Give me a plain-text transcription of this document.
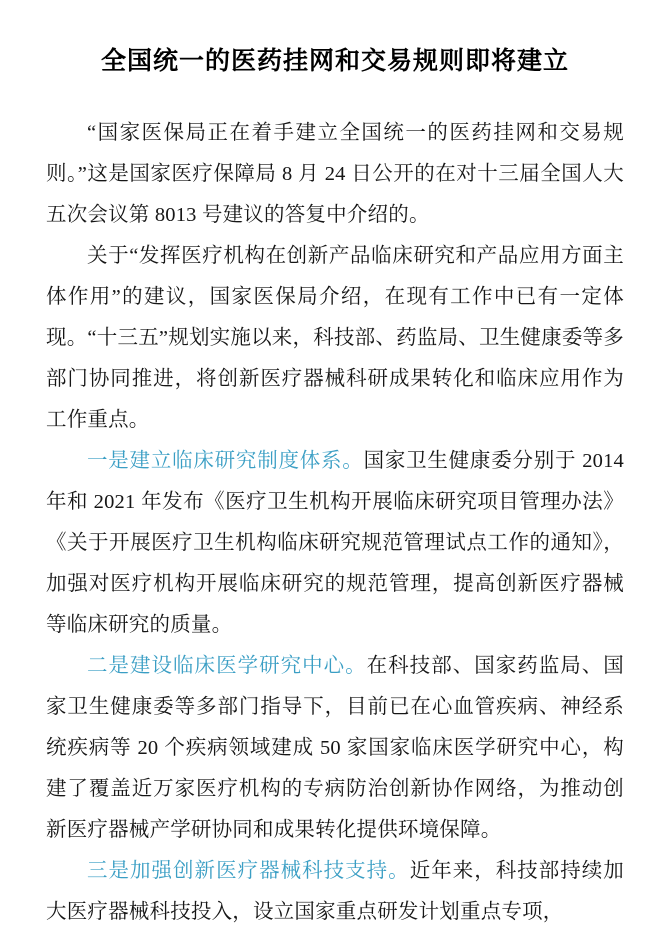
全国统一的医药挂网和交易规则即将建立

“国家医保局正在着手建立全国统一的医药挂网和交易规则。”这是国家医疗保障局 8 月 24 日公开的在对十三届全国人大五次会议第 8013 号建议的答复中介绍的。

关于“发挥医疗机构在创新产品临床研究和产品应用方面主体作用”的建议，国家医保局介绍，在现有工作中已有一定体现。“十三五”规划实施以来，科技部、药监局、卫生健康委等多部门协同推进，将创新医疗器械科研成果转化和临床应用作为工作重点。

一是建立临床研究制度体系。国家卫生健康委分别于 2014 年和 2021 年发布《医疗卫生机构开展临床研究项目管理办法》《关于开展医疗卫生机构临床研究规范管理试点工作的通知》，加强对医疗机构开展临床研究的规范管理，提高创新医疗器械等临床研究的质量。

二是建设临床医学研究中心。在科技部、国家药监局、国家卫生健康委等多部门指导下，目前已在心血管疾病、神经系统疾病等 20 个疾病领域建成 50 家国家临床医学研究中心，构建了覆盖近万家医疗机构的专病防治创新协作网络，为推动创新医疗器械产学研协同和成果转化提供环境保障。

三是加强创新医疗器械科技支持。近年来，科技部持续加大医疗器械科技投入，设立国家重点研发计划重点专项，
